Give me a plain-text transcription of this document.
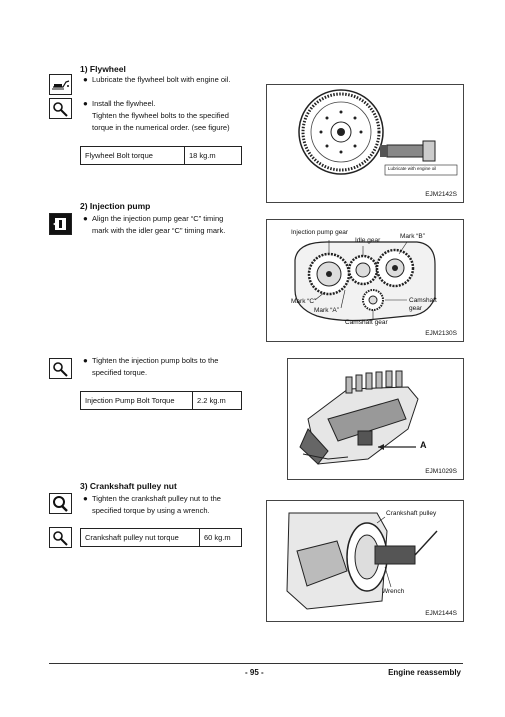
1) Flywheel
● Lubricate the flywheel bolt with engine oil.
● Install the flywheel.
Tighten the flywheel bolts to the specified
torque in the numerical order. (see figure)
Flywheel Bolt torque	18 kg.m
Lubricate with engine oil
EJM2142S
2) Injection pump
● Align the injection pump gear “C” timing
mark with the idler gear “C” timing mark.	Injection pump gear
Idle gear
Mark “B”
Mark “C”
Mark “A”
Camshaft
gear
Camshaft gear
EJM2130S
● Tighten the injection pump bolts to the
specified torque.
Injection Pump Bolt Torque	2.2 kg.m
A
EJM1029S
3) Crankshaft pulley nut
● Tighten the crankshaft pulley nut to the
specified torque by using a wrench.
Crankshaft pulley nut torque	60 kg.m
Crankshaft pulley
Wrench
EJM2144S
- 95 -	Engine reassembly
